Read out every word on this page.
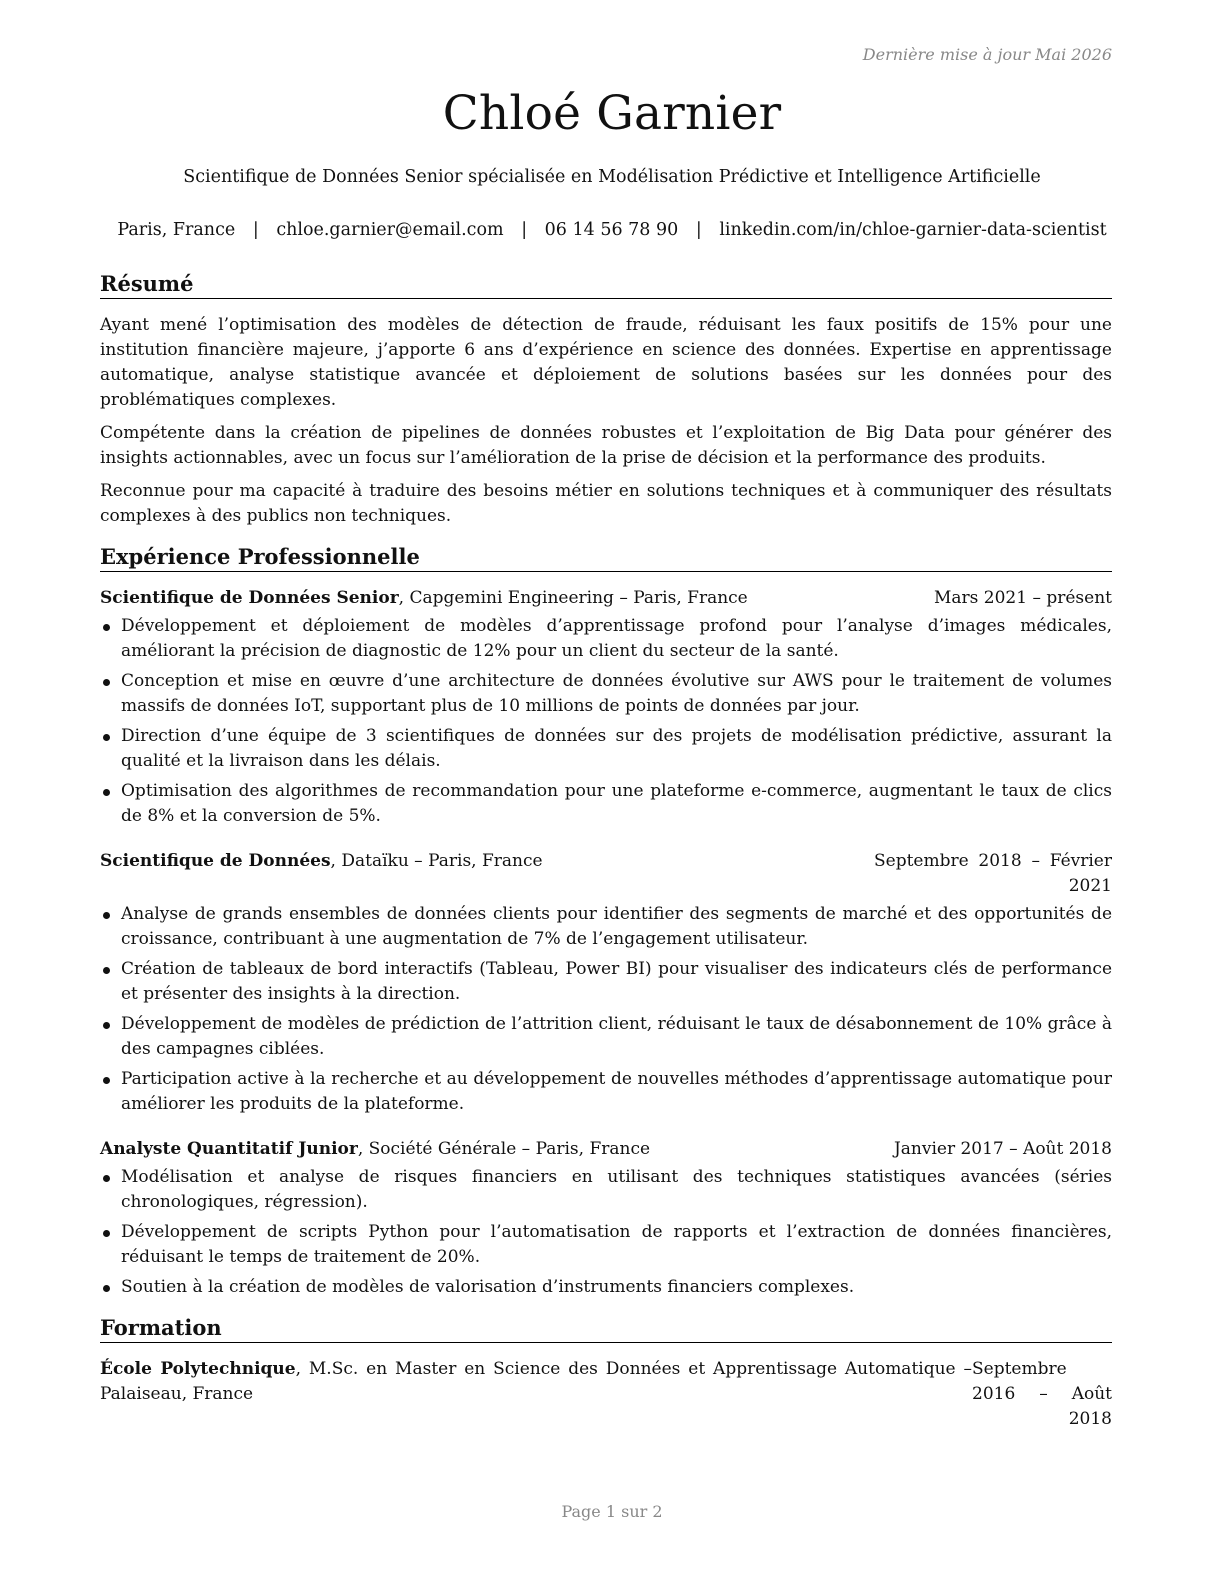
Dernière mise à jour Mai 2026
Chloé Garnier
Scientifique de Données Senior spécialisée en Modélisation Prédictive et Intelligence Artificielle
Paris, France | chloe.garnier@email.com | 06 14 56 78 90 | linkedin.com/in/chloe-garnier-data-scientist
Résumé

Ayant mené l’optimisation des modèles de détection de fraude, réduisant les faux positifs de 15% pour une institution financière majeure, j’apporte 6 ans d’expérience en science des données. Expertise en apprentissage automatique, analyse statistique avancée et déploiement de solutions basées sur les données pour des problématiques complexes.

Compétente dans la création de pipelines de données robustes et l’exploitation de Big Data pour générer des insights actionnables, avec un focus sur l’amélioration de la prise de décision et la performance des produits.

Reconnue pour ma capacité à traduire des besoins métier en solutions techniques et à communiquer des résultats complexes à des publics non techniques.

Expérience Professionnelle
Scientifique de Données Senior, Capgemini Engineering – Paris, France	Mars 2021 – présent
Développement et déploiement de modèles d’apprentissage profond pour l’analyse d’images médicales, améliorant la précision de diagnostic de 12% pour un client du secteur de la santé.
Conception et mise en œuvre d’une architecture de données évolutive sur AWS pour le traitement de volumes massifs de données IoT, supportant plus de 10 millions de points de données par jour.
Direction d’une équipe de 3 scientifiques de données sur des projets de modélisation prédictive, assurant la qualité et la livraison dans les délais.
Optimisation des algorithmes de recommandation pour une plateforme e-commerce, augmentant le taux de clics de 8% et la conversion de 5%.
Scientifique de Données, Dataïku – Paris, France	Septembre 2018 – Février 2021
Analyse de grands ensembles de données clients pour identifier des segments de marché et des opportunités de croissance, contribuant à une augmentation de 7% de l’engagement utilisateur.
Création de tableaux de bord interactifs (Tableau, Power BI) pour visualiser des indicateurs clés de performance et présenter des insights à la direction.
Développement de modèles de prédiction de l’attrition client, réduisant le taux de désabonnement de 10% grâce à des campagnes ciblées.
Participation active à la recherche et au développement de nouvelles méthodes d’apprentissage automatique pour améliorer les produits de la plateforme.
Analyste Quantitatif Junior, Société Générale – Paris, France	Janvier 2017 – Août 2018
Modélisation et analyse de risques financiers en utilisant des techniques statistiques avancées (séries chronologiques, régression).
Développement de scripts Python pour l’automatisation de rapports et l’extraction de données financières, réduisant le temps de traitement de 20%.
Soutien à la création de modèles de valorisation d’instruments financiers complexes.
Formation
École Polytechnique, M.Sc. en Master en Science des Données et Apprentissage Automatique – Palaiseau, France
Septembre 2016 – Août 2018
Page 1 sur 2
